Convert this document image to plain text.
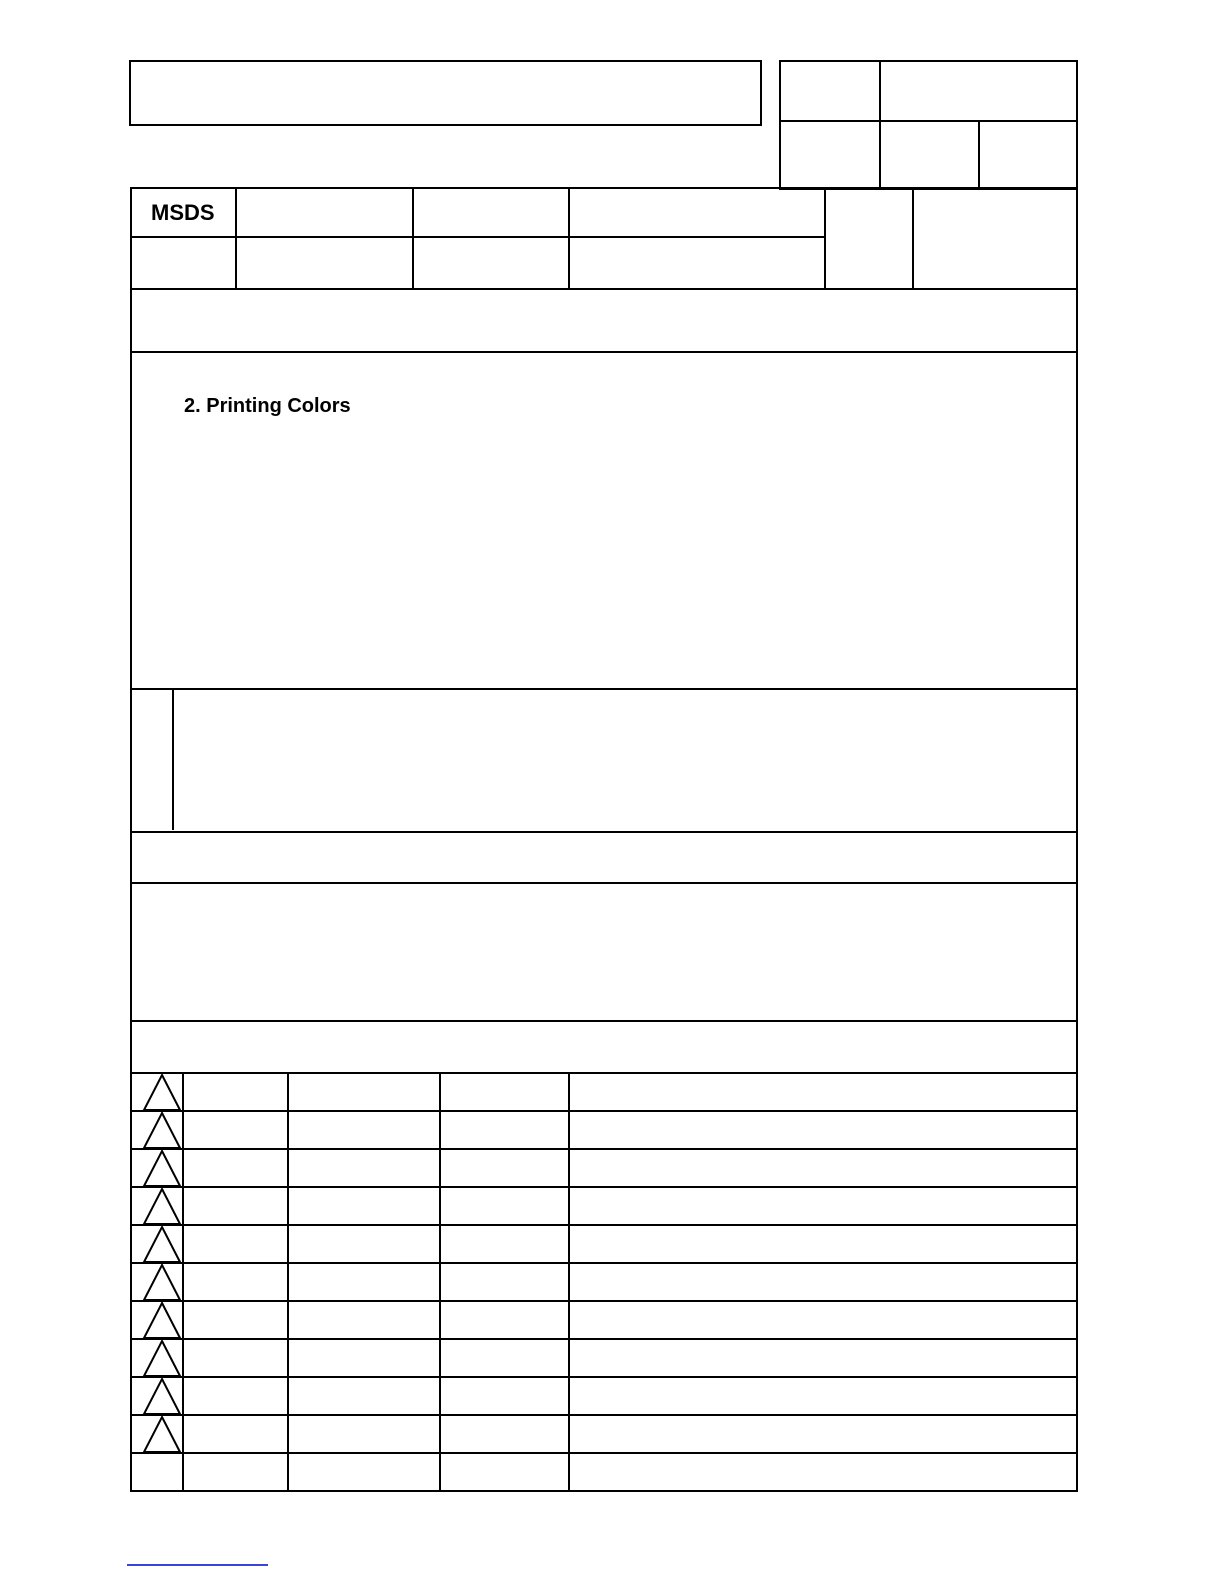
MSDS
2. Printing Colors
